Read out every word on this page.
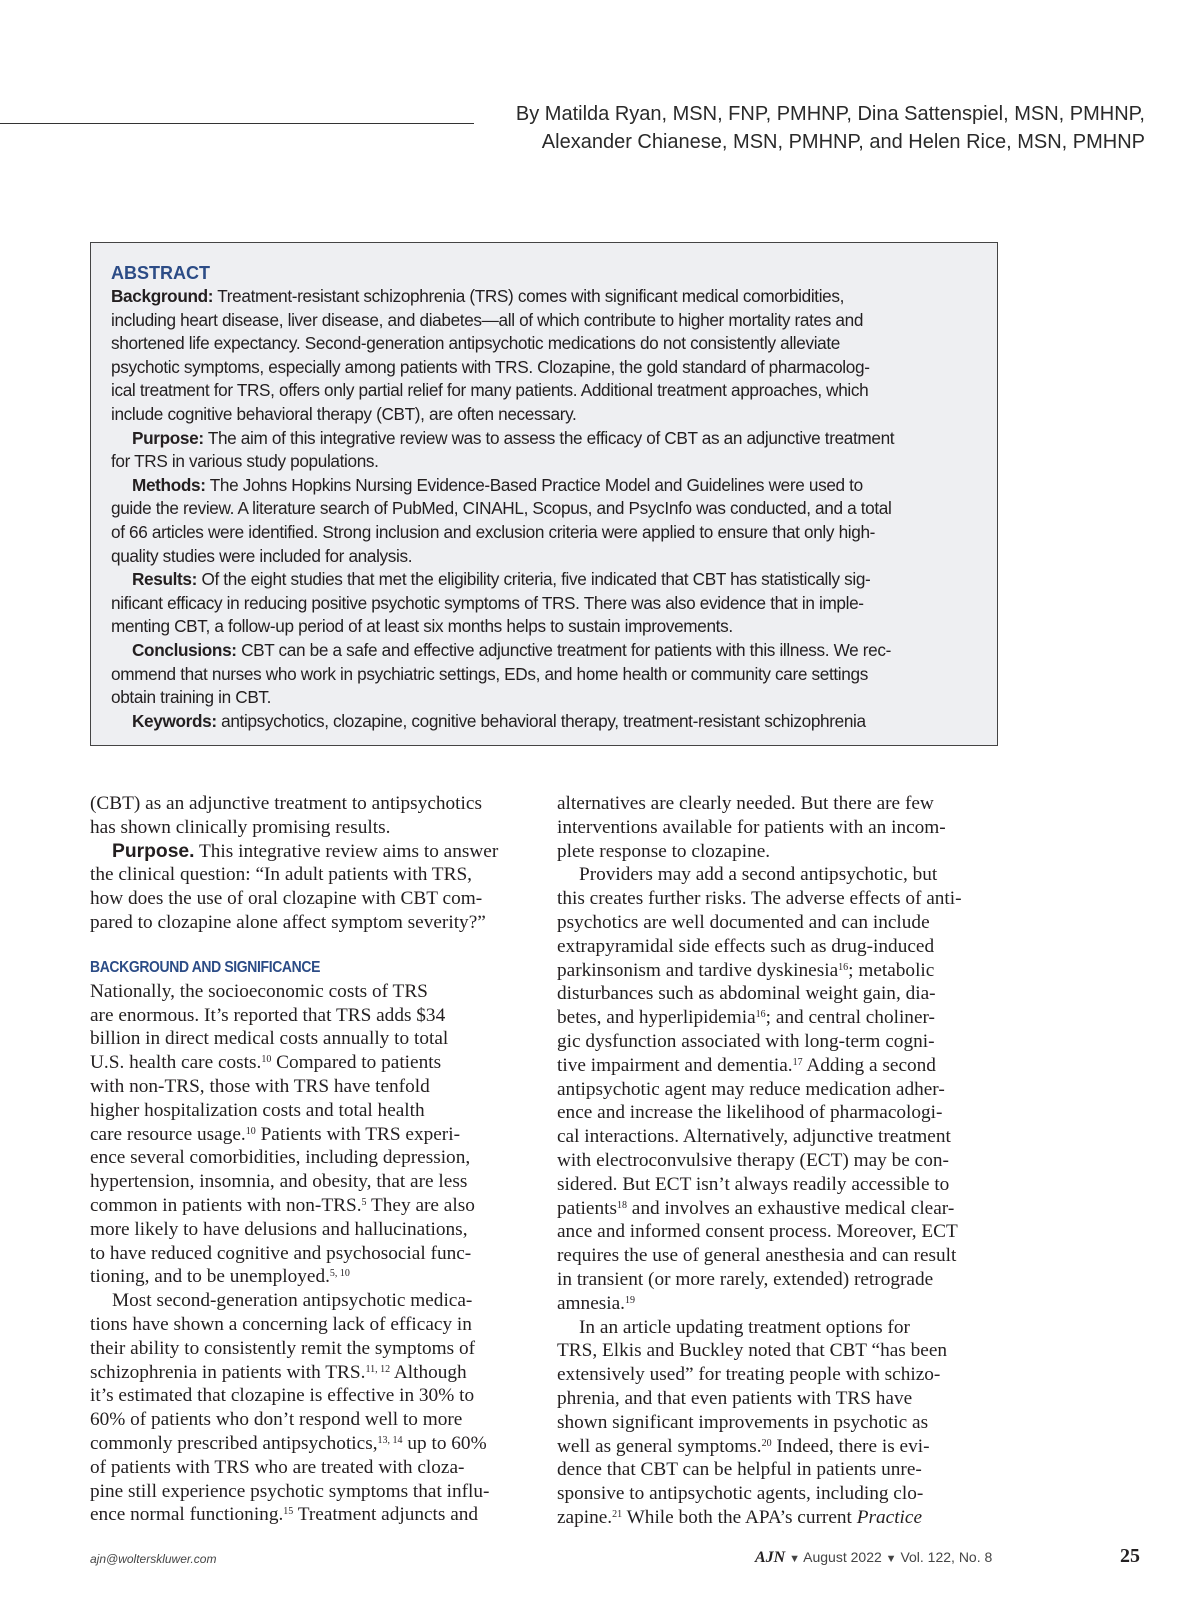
By Matilda Ryan, MSN, FNP, PMHNP, Dina Sattenspiel, MSN, PMHNP,
Alexander Chianese, MSN, PMHNP, and Helen Rice, MSN, PMHNP
ABSTRACT
Background: Treatment-resistant schizophrenia (TRS) comes with significant medical comorbidities,
including heart disease, liver disease, and diabetes—all of which contribute to higher mortality rates and
shortened life expectancy. Second-generation antipsychotic medications do not consistently alleviate
psychotic symptoms, especially among patients with TRS. Clozapine, the gold standard of pharmacolog-
ical treatment for TRS, offers only partial relief for many patients. Additional treatment approaches, which
include cognitive behavioral therapy (CBT), are often necessary.
Purpose: The aim of this integrative review was to assess the efficacy of CBT as an adjunctive treatment
for TRS in various study populations.
Methods: The Johns Hopkins Nursing Evidence-Based Practice Model and Guidelines were used to
guide the review. A literature search of PubMed, CINAHL, Scopus, and PsycInfo was conducted, and a total
of 66 articles were identified. Strong inclusion and exclusion criteria were applied to ensure that only high-
quality studies were included for analysis.
Results: Of the eight studies that met the eligibility criteria, five indicated that CBT has statistically sig-
nificant efficacy in reducing positive psychotic symptoms of TRS. There was also evidence that in imple-
menting CBT, a follow-up period of at least six months helps to sustain improvements.
Conclusions: CBT can be a safe and effective adjunctive treatment for patients with this illness. We rec-
ommend that nurses who work in psychiatric settings, EDs, and home health or community care settings
obtain training in CBT.
Keywords: antipsychotics, clozapine, cognitive behavioral therapy, treatment-resistant schizophrenia
(CBT) as an adjunctive treatment to antipsychotics
has shown clinically promising results.
Purpose. This integrative review aims to answer
the clinical question: “In adult patients with TRS,
how does the use of oral clozapine with CBT com-
pared to clozapine alone affect symptom severity?”
BACKGROUND AND SIGNIFICANCE
Nationally, the socioeconomic costs of TRS
are enormous. It’s reported that TRS adds $34
billion in direct medical costs annually to total
U.S. health care costs.$^{10}$ Compared to patients
with non-TRS, those with TRS have tenfold
higher hospitalization costs and total health
care resource usage.$^{10}$ Patients with TRS experi-
ence several comorbidities, including depression,
hypertension, insomnia, and obesity, that are less
common in patients with non-TRS.$^5$ They are also
more likely to have delusions and hallucinations,
to have reduced cognitive and psychosocial func-
tioning, and to be unemployed.$^{5, 10}$
Most second-generation antipsychotic medica-
tions have shown a concerning lack of efficacy in
their ability to consistently remit the symptoms of
schizophrenia in patients with TRS.$^{11, 12}$ Although
it’s estimated that clozapine is effective in 30% to
60% of patients who don’t respond well to more
commonly prescribed antipsychotics,$^{13, 14}$ up to 60%
of patients with TRS who are treated with cloza-
pine still experience psychotic symptoms that influ-
ence normal functioning.$^{15}$ Treatment adjuncts and
alternatives are clearly needed. But there are few
interventions available for patients with an incom-
plete response to clozapine.
Providers may add a second antipsychotic, but
this creates further risks. The adverse effects of anti-
psychotics are well documented and can include
extrapyramidal side effects such as drug-induced
parkinsonism and tardive dyskinesia$^{16}$; metabolic
disturbances such as abdominal weight gain, dia-
betes, and hyperlipidemia$^{16}$; and central choliner-
gic dysfunction associated with long-term cogni-
tive impairment and dementia.$^{17}$ Adding a second
antipsychotic agent may reduce medication adher-
ence and increase the likelihood of pharmacologi-
cal interactions. Alternatively, adjunctive treatment
with electroconvulsive therapy (ECT) may be con-
sidered. But ECT isn’t always readily accessible to
patients$^{18}$ and involves an exhaustive medical clear-
ance and informed consent process. Moreover, ECT
requires the use of general anesthesia and can result
in transient (or more rarely, extended) retrograde
amnesia.$^{19}$
In an article updating treatment options for
TRS, Elkis and Buckley noted that CBT “has been
extensively used” for treating people with schizo-
phrenia, and that even patients with TRS have
shown significant improvements in psychotic as
well as general symptoms.$^{20}$ Indeed, there is evi-
dence that CBT can be helpful in patients unre-
sponsive to antipsychotic agents, including clo-
zapine.$^{21}$ While both the APA’s current Practice
ajn@wolterskluwer.com	AJN ▼ August 2022 ▼ Vol. 122, No. 8	25
